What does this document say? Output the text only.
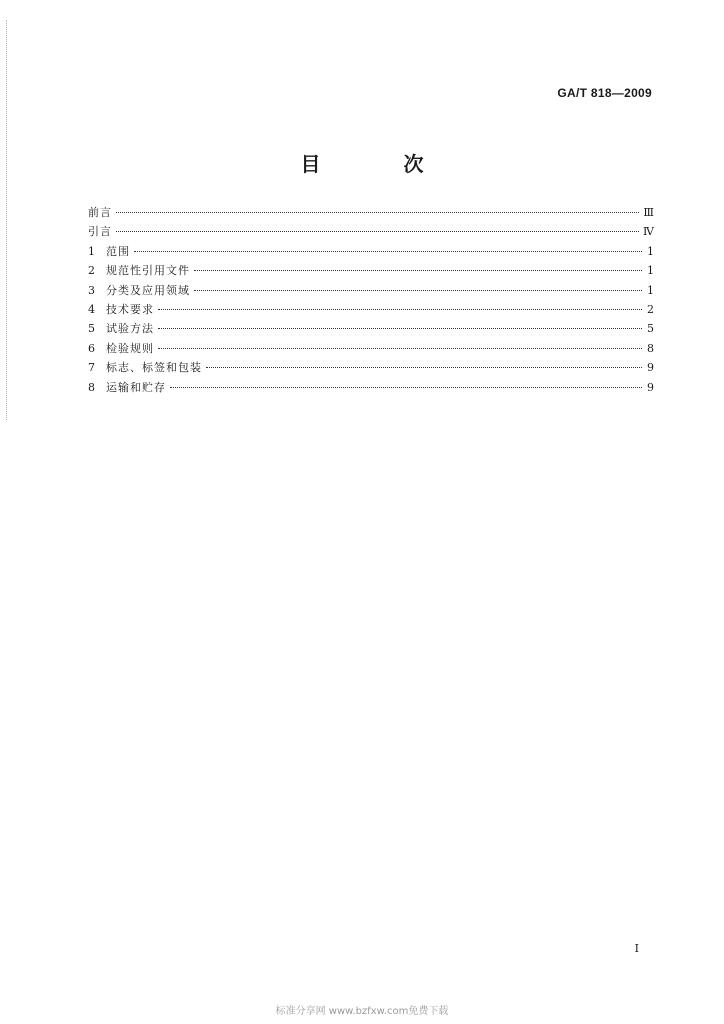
GA/T 818—2009
目 次
前言	Ⅲ
引言	Ⅳ
1	范围	1
2	规范性引用文件	1
3	分类及应用领域	1
4	技术要求	2
5	试验方法	5
6	检验规则	8
7	标志、标签和包装	9
8	运输和贮存	9
Ⅰ
标准分享网 www.bzfxw.com免费下载
